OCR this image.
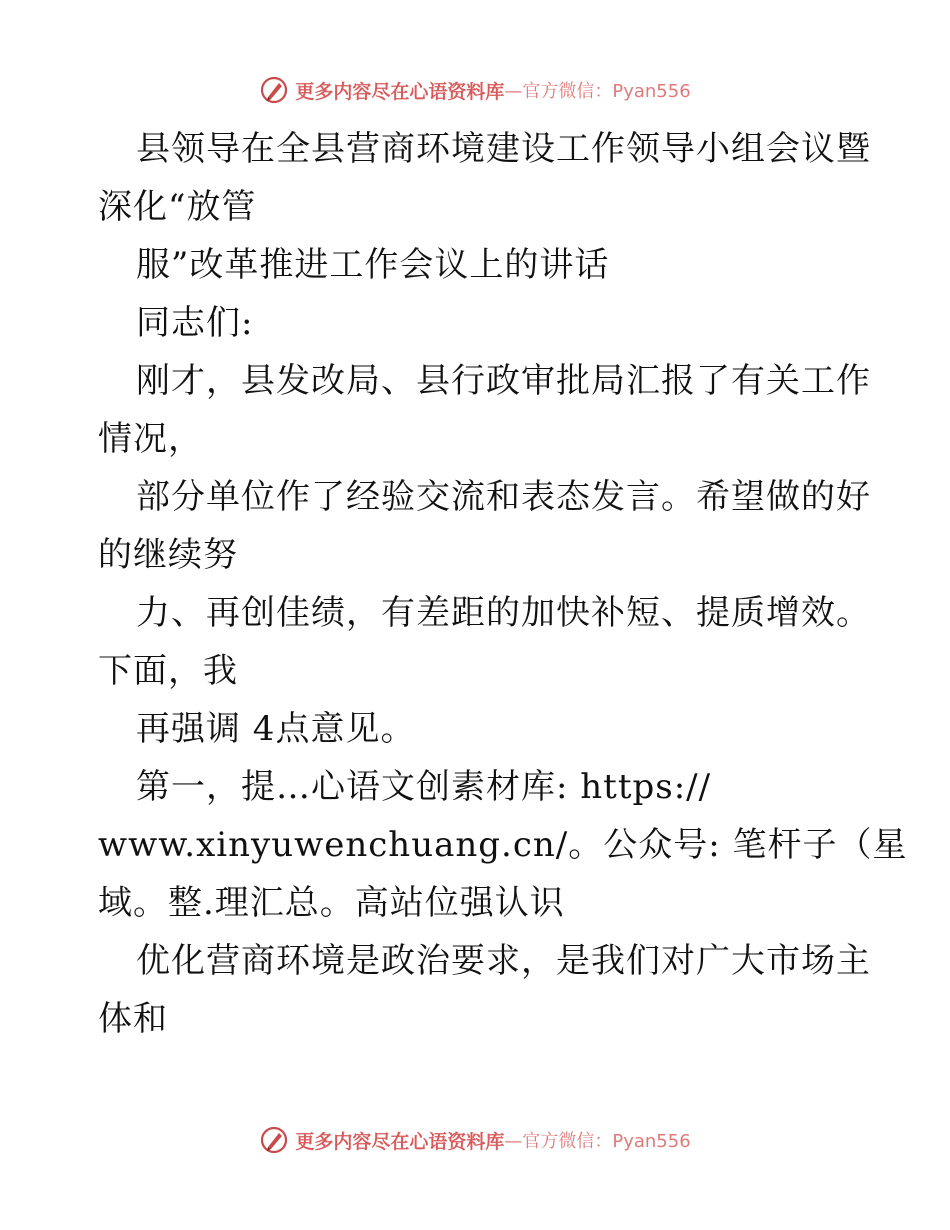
更多内容尽在心语资料库 —官方微信：Pyan556
县领导在全县营商环境建设工作领导小组会议暨
深化“放管
服”改革推进工作会议上的讲话
同志们:
刚才，县发改局、县行政审批局汇报了有关工作
情况，
部分单位作了经验交流和表态发言。希望做的好
的继续努
力、再创佳绩，有差距的加快补短、提质增效。
下面，我
再强调 4点意见。
第一，提…心语文创素材库: https://
www.xinyuwenchuang.cn/。公众号: 笔杆子（星
域。整.理汇总。高站位强认识
优化营商环境是政治要求，是我们对广大市场主
体和
更多内容尽在心语资料库 —官方微信：Pyan556
